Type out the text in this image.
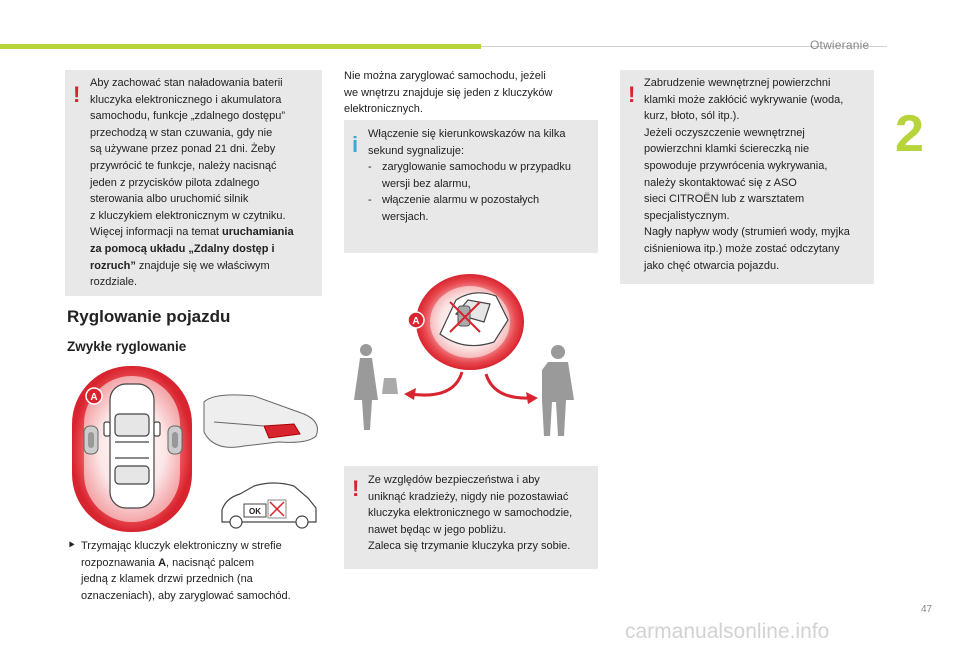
Otwieranie
2
! Aby zachować stan naładowania baterii
kluczyka elektronicznego i akumulatora
samochodu, funkcje „zdalnego dostępu”
przechodzą w stan czuwania, gdy nie
są używane przez ponad 21 dni. Żeby
przywrócić te funkcje, należy nacisnąć
jeden z przycisków pilota zdalnego
sterowania albo uruchomić silnik
z kluczykiem elektronicznym w czytniku.
Więcej informacji na temat uruchamiania
za pomocą układu „Zdalny dostęp i
rozruch” znajduje się we właściwym
rozdziale.

Ryglowanie pojazdu
Zwykłe ryglowanie
A
OK
⯈ Trzymając kluczyk elektroniczny w strefie
rozpoznawania A, nacisnąć palcem
jedną z klamek drzwi przednich (na
oznaczeniach), aby zaryglować samochód.

Nie można zaryglować samochodu, jeżeli
we wnętrzu znajduje się jeden z kluczyków
elektronicznych.

i Włączenie się kierunkowskazów na kilka
sekund sygnalizuje:

- zaryglowanie samochodu w przypadku
wersji bez alarmu,

- włączenie alarmu w pozostałych
wersjach.

A
! Ze względów bezpieczeństwa i aby
uniknąć kradzieży, nigdy nie pozostawiać
kluczyka elektronicznego w samochodzie,
nawet będąc w jego pobliżu.
Zaleca się trzymanie kluczyka przy sobie.

! Zabrudzenie wewnętrznej powierzchni
klamki może zakłócić wykrywanie (woda,
kurz, błoto, sól itp.).
Jeżeli oczyszczenie wewnętrznej
powierzchni klamki ściereczką nie
spowoduje przywrócenia wykrywania,
należy skontaktować się z ASO
sieci CITROËN lub z warsztatem
specjalistycznym.
Nagły napływ wody (strumień wody, myjka
ciśnieniowa itp.) może zostać odczytany
jako chęć otwarcia pojazdu.

47
carmanualsonline.info
